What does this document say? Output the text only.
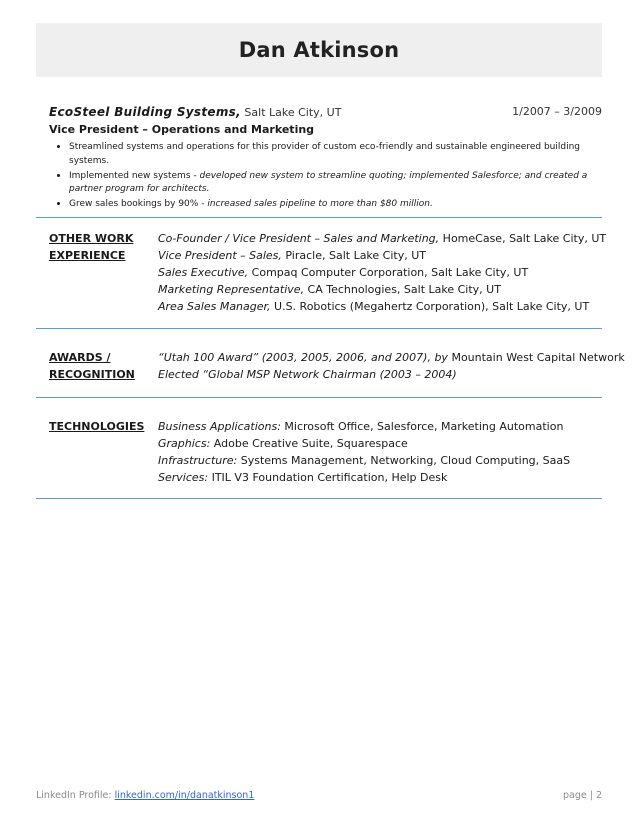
Dan Atkinson
EcoSteel Building Systems, Salt Lake City, UT	1/2007 – 3/2009
Vice President – Operations and Marketing
• Streamlined systems and operations for this provider of custom eco-friendly and sustainable engineered building systems.
• Implemented new systems - developed new system to streamline quoting; implemented Salesforce; and created a partner program for architects.
• Grew sales bookings by 90% - increased sales pipeline to more than $80 million.
OTHER WORK
EXPERIENCE
Co-Founder / Vice President – Sales and Marketing, HomeCase, Salt Lake City, UT
Vice President – Sales, Piracle, Salt Lake City, UT
Sales Executive, Compaq Computer Corporation, Salt Lake City, UT
Marketing Representative, CA Technologies, Salt Lake City, UT
Area Sales Manager, U.S. Robotics (Megahertz Corporation), Salt Lake City, UT
AWARDS /
RECOGNITION
“Utah 100 Award” (2003, 2005, 2006, and 2007), by Mountain West Capital Network
Elected “Global MSP Network Chairman (2003 – 2004)
TECHNOLOGIES	Business Applications: Microsoft Office, Salesforce, Marketing Automation
Graphics: Adobe Creative Suite, Squarespace
Infrastructure: Systems Management, Networking, Cloud Computing, SaaS
Services: ITIL V3 Foundation Certification, Help Desk
LinkedIn Profile: linkedin.com/in/danatkinson1	page | 2
